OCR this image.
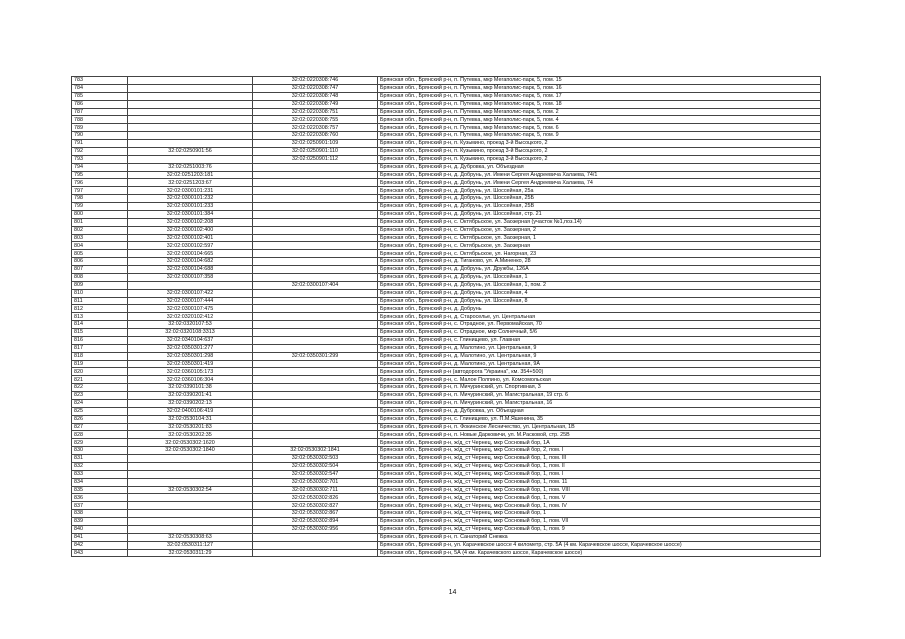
783		32:02:0220308:746	Брянская обл., Брянский р-н, п. Путевка, мкр Мегаполис-парк, 5, пом. 15
784		32:02:0220308:747	Брянская обл., Брянский р-н, п. Путевка, мкр Мегаполис-парк, 5, пом. 16
785		32:02:0220308:748	Брянская обл., Брянский р-н, п. Путевка, мкр Мегаполис-парк, 5, пом. 17
786		32:02:0220308:749	Брянская обл., Брянский р-н, п. Путевка, мкр Мегаполис-парк, 5, пом. 18
787		32:02:0220308:751	Брянская обл., Брянский р-н, п. Путевка, мкр Мегаполис-парк, 5, пом. 2
788		32:02:0220308:755	Брянская обл., Брянский р-н, п. Путевка, мкр Мегаполис-парк, 5, пом. 4
789		32:02:0220308:757	Брянская обл., Брянский р-н, п. Путевка, мкр Мегаполис-парк, 5, пом. 6
790		32:02:0220308:760	Брянская обл., Брянский р-н, п. Путевка, мкр Мегаполис-парк, 5, пом. 9
791		32:02:0250901:109	Брянская обл., Брянский р-н, п. Кузьмино, проезд 3-й Высоцкого, 2
792	32:02:0250901:56	32:02:0250901:110	Брянская обл., Брянский р-н, п. Кузьмино, проезд 3-й Высоцкого, 2
793		32:02:0250901:112	Брянская обл., Брянский р-н, п. Кузьмино, проезд 3-й Высоцкого, 2
794	32:02:0251003:76		Брянская обл., Брянский р-н, д. Дубровка, ул. Объездная
795	32:02:0251203:181		Брянская обл., Брянский р-н, д. Добрунь, ул. Имени Сергея Андреевича Халаева, 74/1
796	32:02:0251203:67		Брянская обл., Брянский р-н, д. Добрунь, ул. Имени Сергея Андреевича Халаева, 74
797	32:02:0300101:231		Брянская обл., Брянский р-н, д. Добрунь, ул. Шоссейная, 25а
798	32:02:0300101:232		Брянская обл., Брянский р-н, д. Добрунь, ул. Шоссейная, 25Б
799	32:02:0300101:233		Брянская обл., Брянский р-н, д. Добрунь, ул. Шоссейная, 25В
800	32:02:0300101:384		Брянская обл., Брянский р-н, д. Добрунь, ул. Шоссейная, стр. 21
801	32:02:0300102:208		Брянская обл., Брянский р-н, с. Октябрьское, ул. Заозерная (участок №1,поз.14)
802	32:02:0300102:400		Брянская обл., Брянский р-н, с. Октябрьское, ул. Заозерная, 2
803	32:02:0300102:401		Брянская обл., Брянский р-н, с. Октябрьское, ул. Заозерная, 1
804	32:02:0300102:597		Брянская обл., Брянский р-н, с. Октябрьское, ул. Заозерная
805	32:02:0300104:665		Брянская обл., Брянский р-н, с. Октябрьское, ул. Нагорная, 23
806	32:02:0300104:682		Брянская обл., Брянский р-н, д. Тиганово, ул. А.Миненко, 28
807	32:02:0300104:688		Брянская обл., Брянский р-н, д. Добрунь, ул. Дружбы, 126А
808	32:02:0300107:358		Брянская обл., Брянский р-н, д. Добрунь, ул. Шоссейная, 1
809		32:02:0300107:404	Брянская обл., Брянский р-н, д. Добрунь, ул. Шоссейная, 1, пом. 2
810	32:02:0300107:422		Брянская обл., Брянский р-н, д. Добрунь, ул. Шоссейная, 4
811	32:02:0300107:444		Брянская обл., Брянский р-н, д. Добрунь, ул. Шоссейная, 8
812	32:02:0300107:475		Брянская обл., Брянский р-н, д. Добрунь
813	32:02:0320102:412		Брянская обл., Брянский р-н, д. Староселье, ул. Центральная
814	32:02:0320107:53		Брянская обл., Брянский р-н, с. Отрадное, ул. Первомайская, 70
815	32:02:0320108:3313		Брянская обл., Брянский р-н, с. Отрадное, мкр Солнечный, 5/6
816	32:02:0340104:637		Брянская обл., Брянский р-н, с. Глинищево, ул. Главная
817	32:02:0350301:277		Брянская обл., Брянский р-н, д. Малотино, ул. Центральная, 9
818	32:02:0350301:298	32:02:0350301:299	Брянская обл., Брянский р-н, д. Малотино, ул. Центральная, 9
819	32:02:0350301:419		Брянская обл., Брянский р-н, д. Малотино, ул. Центральная, 9А
820	32:02:0360105:173		Брянская обл., Брянский р-н (автодорога "Украина", км. 354+500)
821	32:02:0360106:304		Брянская обл., Брянский р-н, с. Малое Полпино, ул. Комсомольская
822	32:02:0390101:38		Брянская обл., Брянский р-н, п. Мичуринский, ул. Спортивная, 3
823	32:02:0390201:41		Брянская обл., Брянский р-н, п. Мичуринский, ул. Магистральная, 19 стр. 6
824	32:02:0390202:13		Брянская обл., Брянский р-н, п. Мичуринский, ул. Магистральная, 16
825	32:02:0400106:419		Брянская обл., Брянский р-н, д. Дубровка, ул. Объездная
826	32:02:0530104:31		Брянская обл., Брянский р-н, с. Глинищево, ул. П.М.Яшенина, 35
827	32:02:0530201:83		Брянская обл., Брянский р-н, п. Фокинское Лесничество, ул. Центральная, 1В
828	32:02:0530202:35		Брянская обл., Брянский р-н, п. Новые Дарковичи, ул. М.Расковой, стр. 25В
829	32:02:0530302:1620		Брянская обл., Брянский р-н, ж/д_ст Чернец, мкр Сосновый бор, 1А
830	32:02:0530302:1840	32:02:0530302:1841	Брянская обл., Брянский р-н, ж/д_ст Чернец, мкр Сосновый бор, 2, пом. I
831		32:02:0530302:503	Брянская обл., Брянский р-н, ж/д_ст Чернец, мкр Сосновый бор, 1, пом. III
832		32:02:0530302:504	Брянская обл., Брянский р-н, ж/д_ст Чернец, мкр Сосновый бор, 1, пом. II
833		32:02:0530302:547	Брянская обл., Брянский р-н, ж/д_ст Чернец, мкр Сосновый бор, 1, пом. I
834		32:02:0530302:701	Брянская обл., Брянский р-н, ж/д_ст Чернец, мкр Сосновый бор, 1, пом. 11
835	32:02:0530302:54	32:02:0530302:711	Брянская обл., Брянский р-н, ж/д_ст Чернец, мкр Сосновый бор, 1, пом. VIII
836		32:02:0530302:826	Брянская обл., Брянский р-н, ж/д_ст Чернец, мкр Сосновый бор, 1, пом. V
837		32:02:0530302:827	Брянская обл., Брянский р-н, ж/д_ст Чернец, мкр Сосновый бор, 1, пом. IV
838		32:02:0530302:867	Брянская обл., Брянский р-н, ж/д_ст Чернец, мкр Сосновый бор, 1
839		32:02:0530302:894	Брянская обл., Брянский р-н, ж/д_ст Чернец, мкр Сосновый бор, 1, пом. VII
840		32:02:0530302:956	Брянская обл., Брянский р-н, ж/д_ст Чернец, мкр Сосновый бор, 1, пом. 9
841	32:02:0530308:63		Брянская обл., Брянский р-н, п. Санаторий Снежка
842	32:02:0530311:127		Брянская обл., Брянский р-н, ул. Карачевское шоссе 4 километр, стр. 5А (4 км. Карачевское шоссе, Карачевское шоссе)
843	32:02:0530311:29		Брянская обл., Брянский р-н, 5А (4 км. Карачевского шоссе, Карачевское шоссе)
14
